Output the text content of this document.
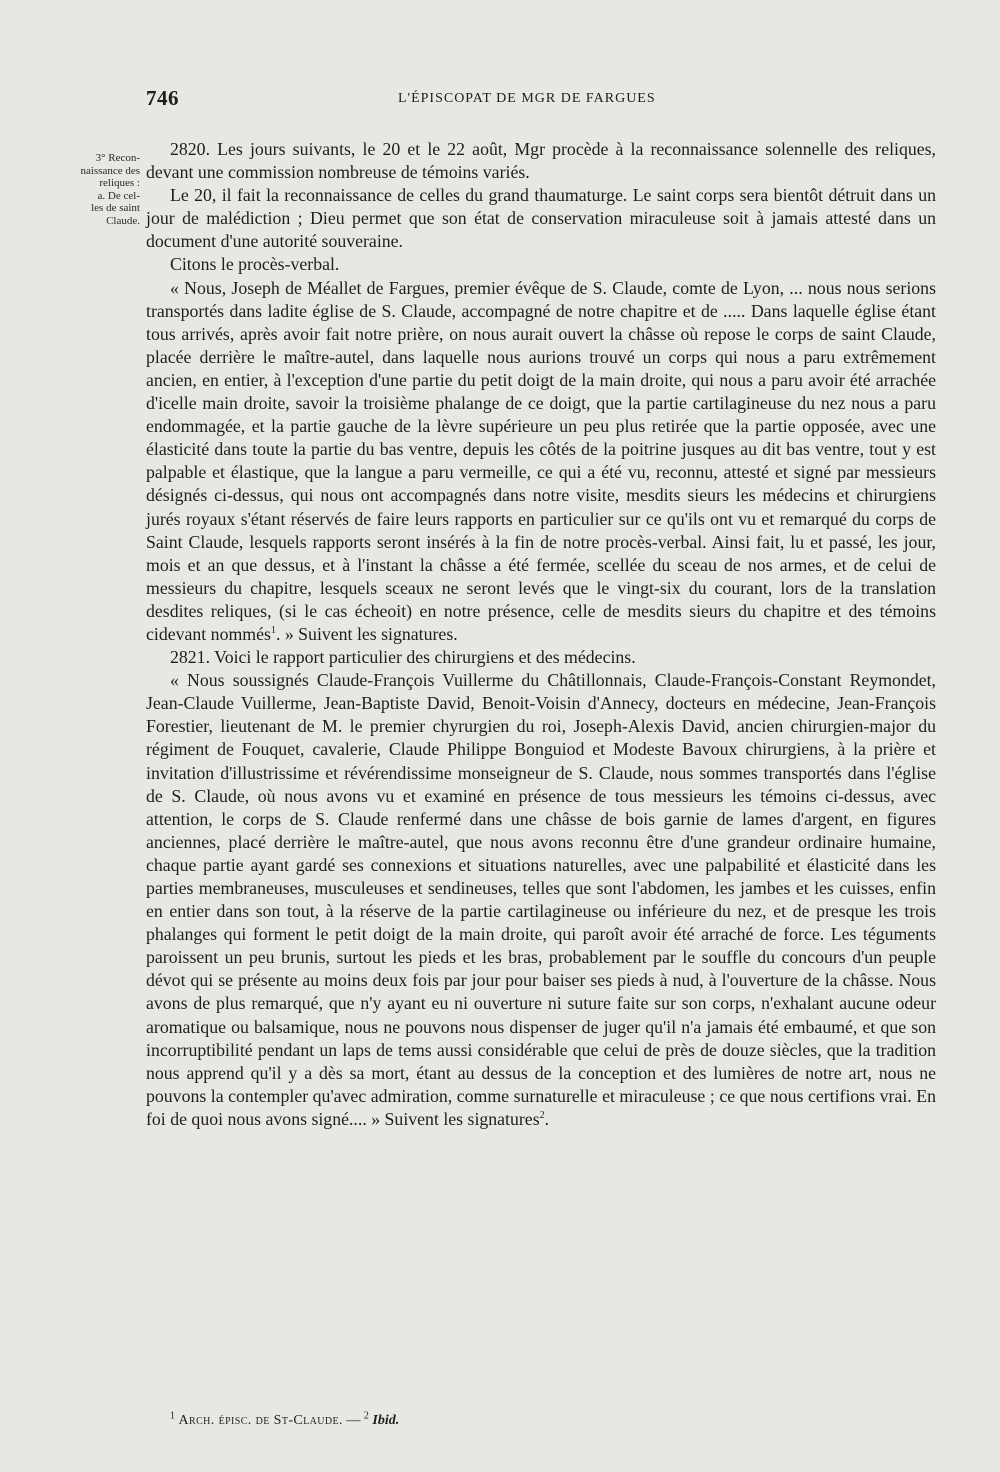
746	L'ÉPISCOPAT DE MGR DE FARGUES
3° Recon-
naissance des
reliques :
a. De cel-
les de saint
Claude.

2820. Les jours suivants, le 20 et le 22 août, Mgr procède à la reconnaissance solennelle des reliques, devant une commission nombreuse de témoins variés.

Le 20, il fait la reconnaissance de celles du grand thaumaturge. Le saint corps sera bientôt détruit dans un jour de malédiction ; Dieu permet que son état de conservation miraculeuse soit à jamais attesté dans un document d'une autorité souveraine.

Citons le procès-verbal.

« Nous, Joseph de Méallet de Fargues, premier évêque de S. Claude, comte de Lyon, ... nous nous serions transportés dans ladite église de S. Claude, accompagné de notre chapitre et de ..... Dans laquelle église étant tous arrivés, après avoir fait notre prière, on nous aurait ouvert la châsse où repose le corps de saint Claude, placée derrière le maître-autel, dans laquelle nous aurions trouvé un corps qui nous a paru extrêmement ancien, en entier, à l'exception d'une partie du petit doigt de la main droite, qui nous a paru avoir été arrachée d'icelle main droite, savoir la troisième phalange de ce doigt, que la partie cartilagineuse du nez nous a paru endommagée, et la partie gauche de la lèvre supérieure un peu plus retirée que la partie opposée, avec une élasticité dans toute la partie du bas ventre, depuis les côtés de la poitrine jusques au dit bas ventre, tout y est palpable et élastique, que la langue a paru vermeille, ce qui a été vu, reconnu, attesté et signé par messieurs désignés ci-dessus, qui nous ont accompagnés dans notre visite, mesdits sieurs les médecins et chirurgiens jurés royaux s'étant réservés de faire leurs rapports en particulier sur ce qu'ils ont vu et remarqué du corps de Saint Claude, lesquels rapports seront insérés à la fin de notre procès-verbal. Ainsi fait, lu et passé, les jour, mois et an que dessus, et à l'instant la châsse a été fermée, scellée du sceau de nos armes, et de celui de messieurs du chapitre, lesquels sceaux ne seront levés que le vingt-six du courant, lors de la translation desdites reliques, (si le cas écheoit) en notre présence, celle de mesdits sieurs du chapitre et des témoins cidevant nommés$^1$. » Suivent les signatures.

2821. Voici le rapport particulier des chirurgiens et des médecins.

« Nous soussignés Claude-François Vuillerme du Châtillonnais, Claude-François-Constant Reymondet, Jean-Claude Vuillerme, Jean-Baptiste David, Benoit-Voisin d'Annecy, docteurs en médecine, Jean-François Forestier, lieutenant de M. le premier chyrurgien du roi, Joseph-Alexis David, ancien chirurgien-major du régiment de Fouquet, cavalerie, Claude Philippe Bonguiod et Modeste Bavoux chirurgiens, à la prière et invitation d'illustrissime et révérendissime monseigneur de S. Claude, nous sommes transportés dans l'église de S. Claude, où nous avons vu et examiné en présence de tous messieurs les témoins ci-dessus, avec attention, le corps de S. Claude renfermé dans une châsse de bois garnie de lames d'argent, en figures anciennes, placé derrière le maître-autel, que nous avons reconnu être d'une grandeur ordinaire humaine, chaque partie ayant gardé ses connexions et situations naturelles, avec une palpabilité et élasticité dans les parties membraneuses, musculeuses et sendineuses, telles que sont l'abdomen, les jambes et les cuisses, enfin en entier dans son tout, à la réserve de la partie cartilagineuse ou inférieure du nez, et de presque les trois phalanges qui forment le petit doigt de la main droite, qui paroît avoir été arraché de force. Les téguments paroissent un peu brunis, surtout les pieds et les bras, probablement par le souffle du concours d'un peuple dévot qui se présente au moins deux fois par jour pour baiser ses pieds à nud, à l'ouverture de la châsse. Nous avons de plus remarqué, que n'y ayant eu ni ouverture ni suture faite sur son corps, n'exhalant aucune odeur aromatique ou balsamique, nous ne pouvons nous dispenser de juger qu'il n'a jamais été embaumé, et que son incorruptibilité pendant un laps de tems aussi considérable que celui de près de douze siècles, que la tradition nous apprend qu'il y a dès sa mort, étant au dessus de la conception et des lumières de notre art, nous ne pouvons la contempler qu'avec admiration, comme surnaturelle et miraculeuse ; ce que nous certifions vrai. En foi de quoi nous avons signé.... » Suivent les signatures$^2$.

$^1$ Arch. épisc. de St-Claude. — $^2$ Ibid.
